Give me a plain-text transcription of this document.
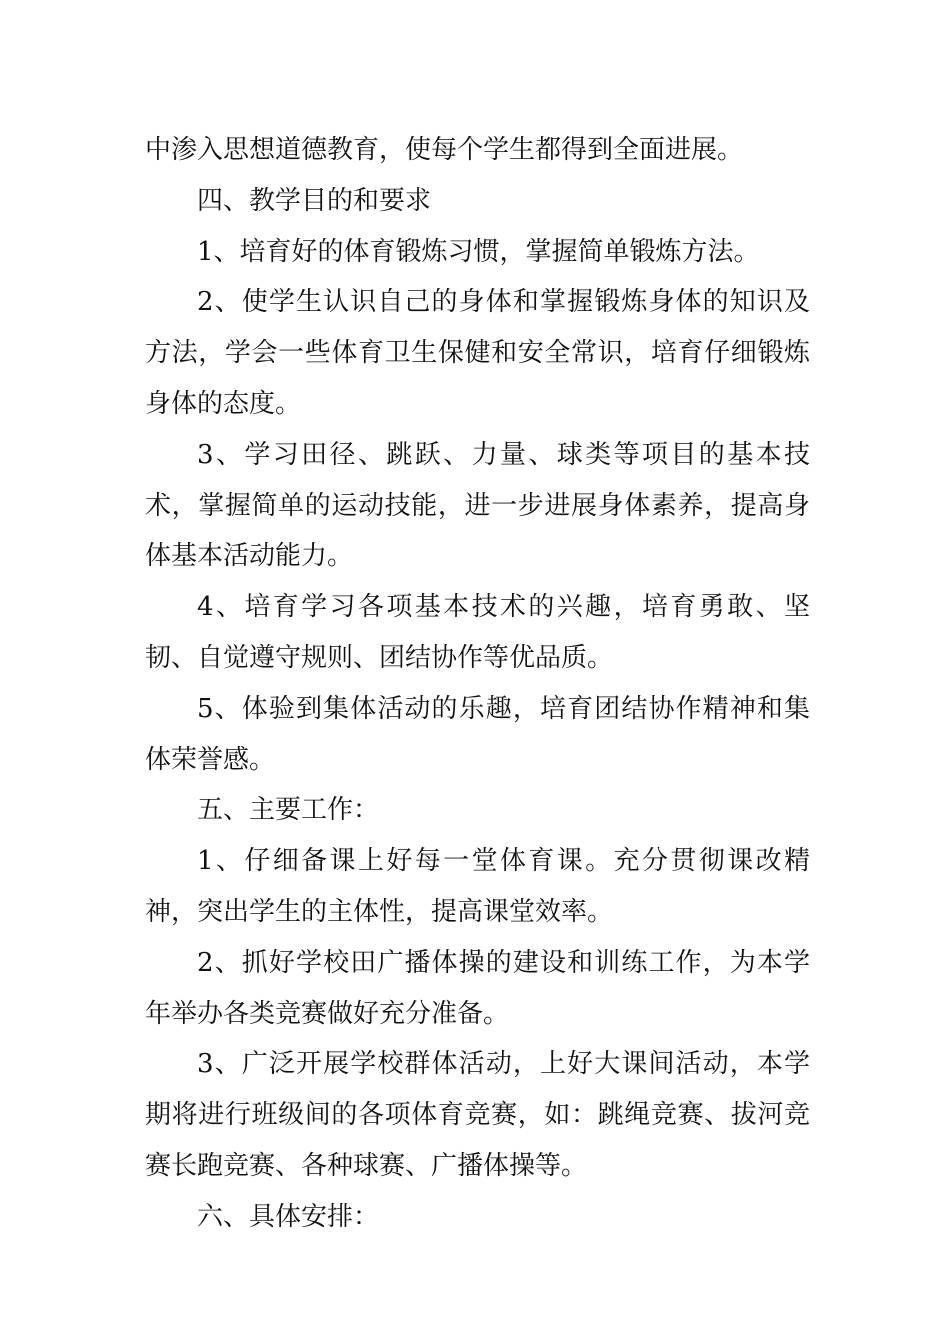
中渗入思想道德教育，使每个学生都得到全面进展。

四、教学目的和要求

1、培育好的体育锻炼习惯，掌握简单锻炼方法。

2、使学生认识自己的身体和掌握锻炼身体的知识及方法，学会一些体育卫生保健和安全常识，培育仔细锻炼身体的态度。

3、学习田径、跳跃、力量、球类等项目的基本技术，掌握简单的运动技能，进一步进展身体素养，提高身体基本活动能力。

4、培育学习各项基本技术的兴趣，培育勇敢、坚韧、自觉遵守规则、团结协作等优品质。

5、体验到集体活动的乐趣，培育团结协作精神和集体荣誉感。

五、主要工作：

1、仔细备课上好每一堂体育课。充分贯彻课改精神，突出学生的主体性，提高课堂效率。

2、抓好学校田广播体操的建设和训练工作，为本学年举办各类竞赛做好充分准备。

3、广泛开展学校群体活动，上好大课间活动，本学期将进行班级间的各项体育竞赛，如：跳绳竞赛、拔河竞赛长跑竞赛、各种球赛、广播体操等。

六、具体安排：
